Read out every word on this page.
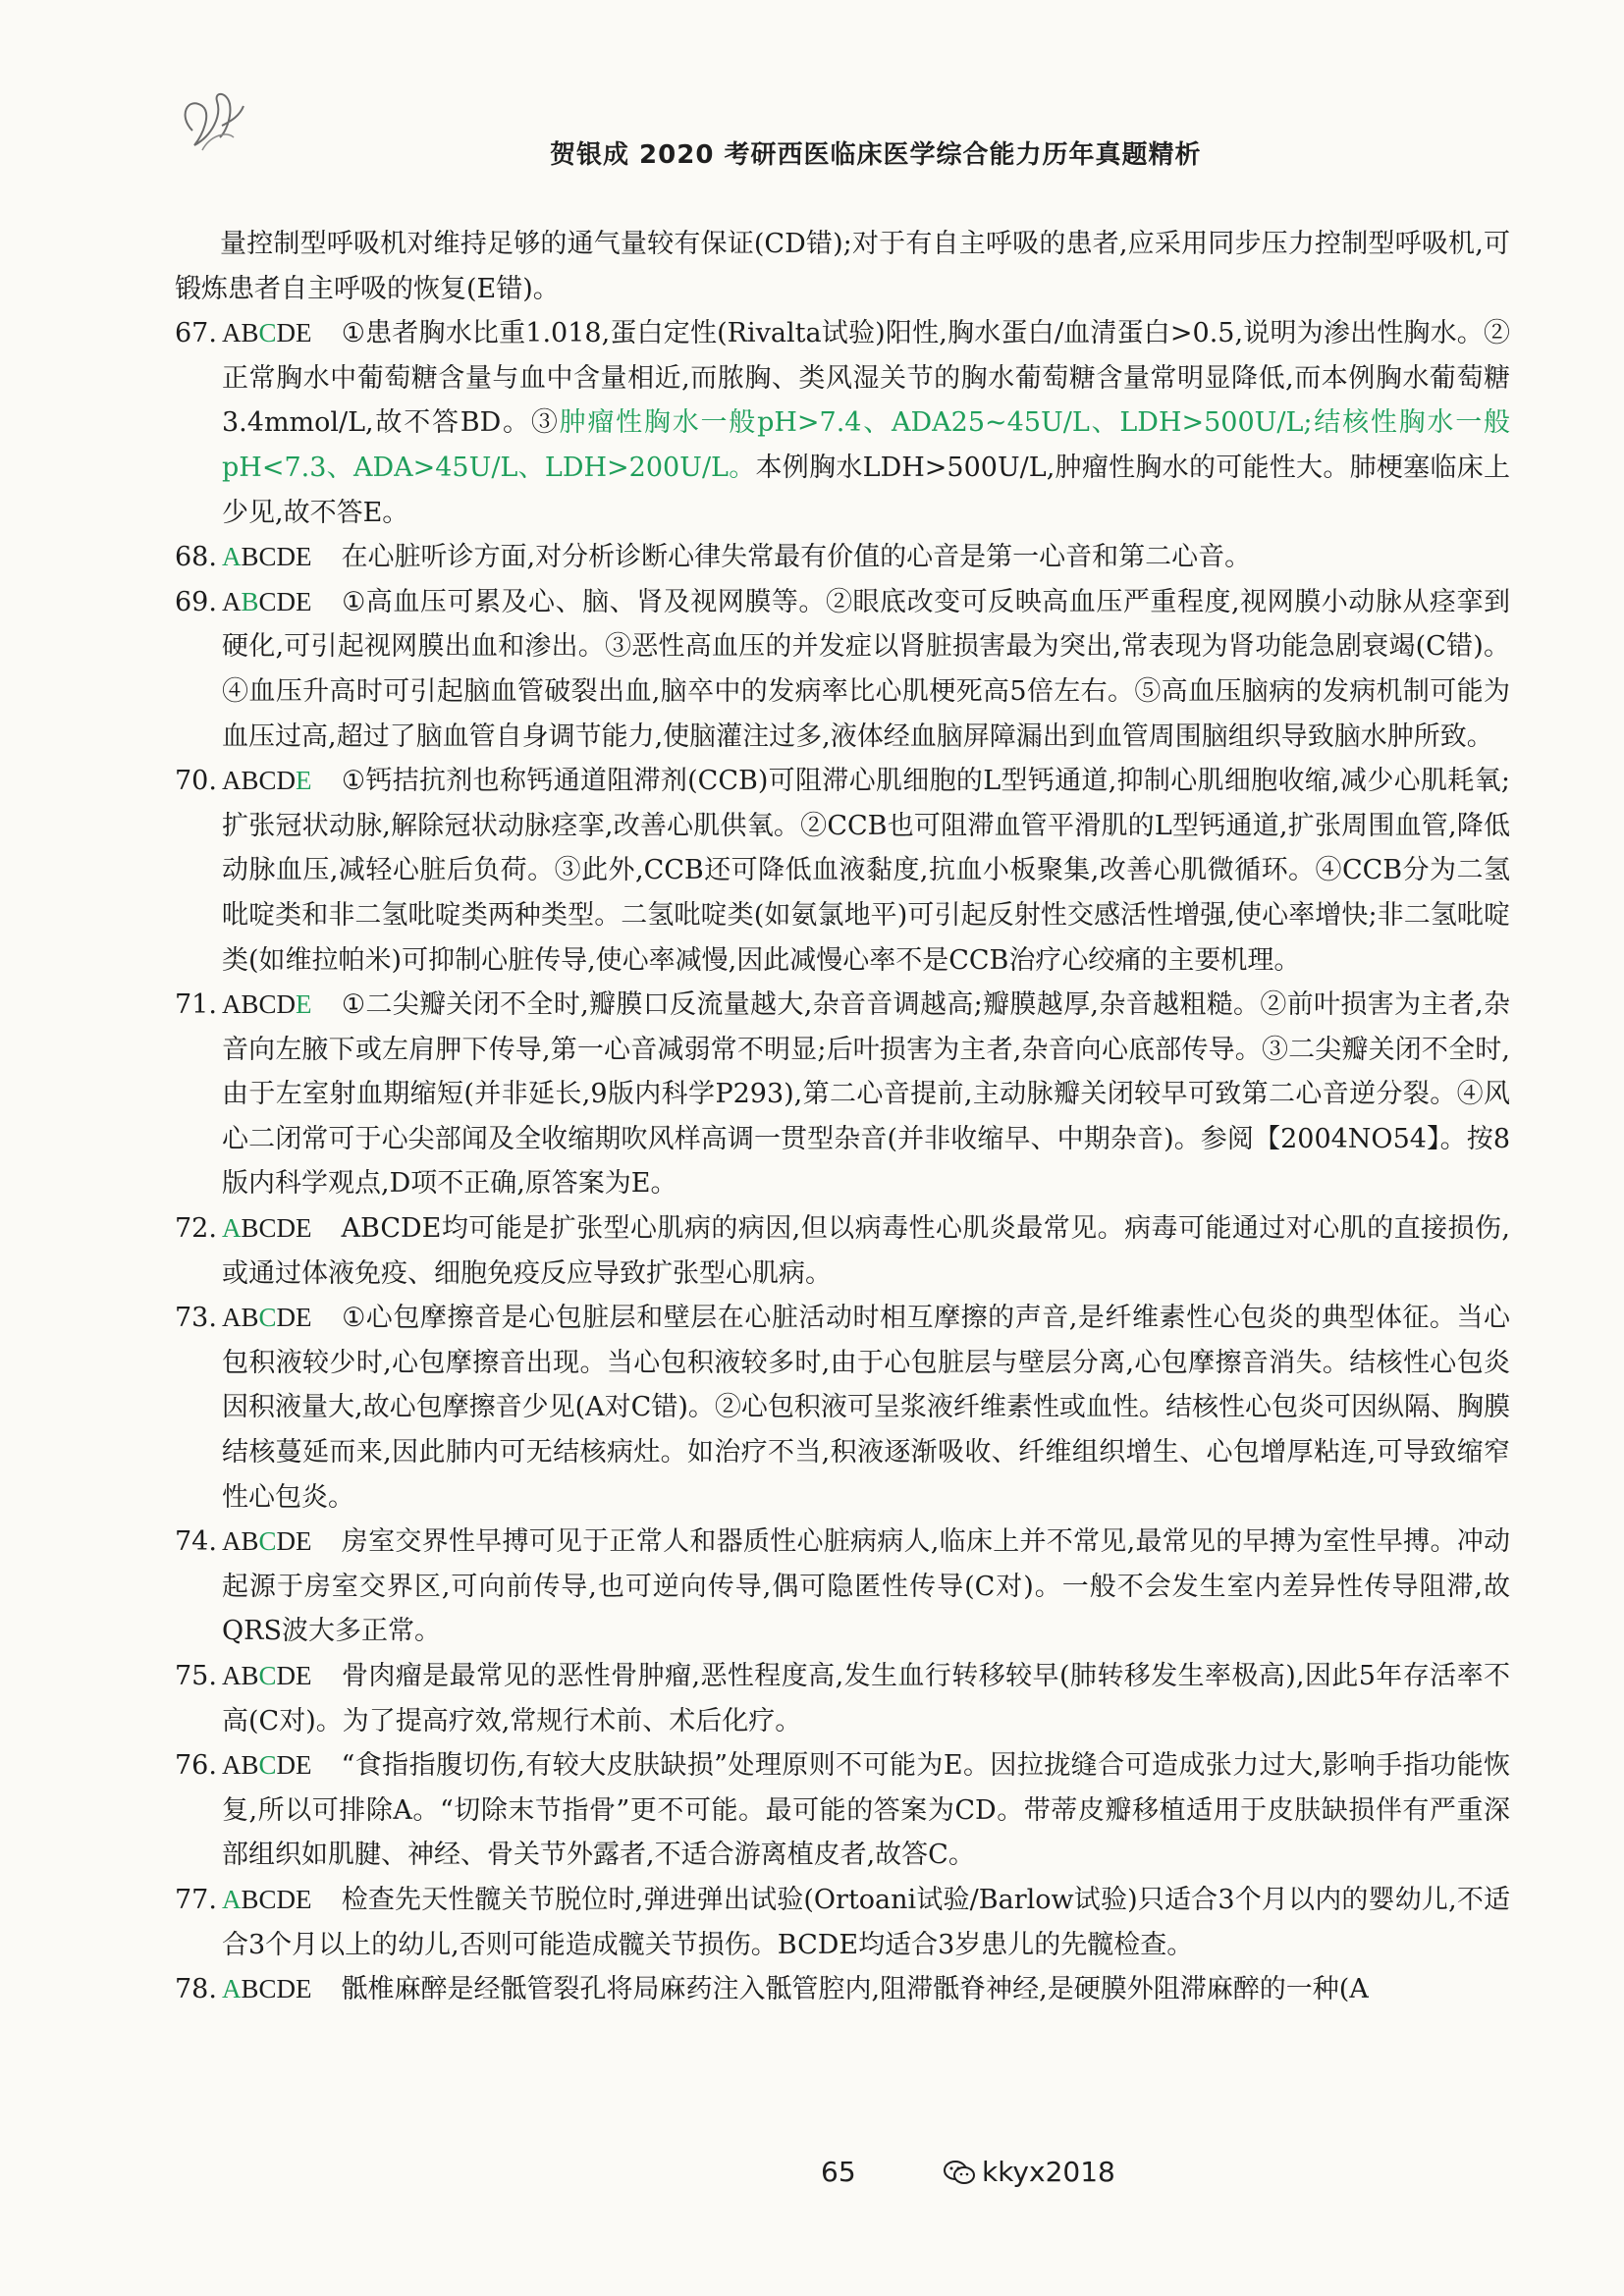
贺银成 2020 考研西医临床医学综合能力历年真题精析

量控制型呼吸机对维持足够的通气量较有保证(CD错);对于有自主呼吸的患者,应采用同步压力控制型呼吸机,可锻炼患者自主呼吸的恢复(E错)。

67. ABCDE ①患者胸水比重1.018,蛋白定性(Rivalta试验)阳性,胸水蛋白/血清蛋白>0.5,说明为渗出性胸水。②正常胸水中葡萄糖含量与血中含量相近,而脓胸、类风湿关节的胸水葡萄糖含量常明显降低,而本例胸水葡萄糖3.4mmol/L,故不答BD。③肿瘤性胸水一般pH>7.4、ADA25~45U/L、LDH>500U/L;结核性胸水一般pH<7.3、ADA>45U/L、LDH>200U/L。本例胸水LDH>500U/L,肿瘤性胸水的可能性大。肺梗塞临床上少见,故不答E。

68. ABCDE 在心脏听诊方面,对分析诊断心律失常最有价值的心音是第一心音和第二心音。

69. ABCDE ①高血压可累及心、脑、肾及视网膜等。②眼底改变可反映高血压严重程度,视网膜小动脉从痉挛到硬化,可引起视网膜出血和渗出。③恶性高血压的并发症以肾脏损害最为突出,常表现为肾功能急剧衰竭(C错)。④血压升高时可引起脑血管破裂出血,脑卒中的发病率比心肌梗死高5倍左右。⑤高血压脑病的发病机制可能为血压过高,超过了脑血管自身调节能力,使脑灌注过多,液体经血脑屏障漏出到血管周围脑组织导致脑水肿所致。

70. ABCDE ①钙拮抗剂也称钙通道阻滞剂(CCB)可阻滞心肌细胞的L型钙通道,抑制心肌细胞收缩,减少心肌耗氧;扩张冠状动脉,解除冠状动脉痉挛,改善心肌供氧。②CCB也可阻滞血管平滑肌的L型钙通道,扩张周围血管,降低动脉血压,减轻心脏后负荷。③此外,CCB还可降低血液黏度,抗血小板聚集,改善心肌微循环。④CCB分为二氢吡啶类和非二氢吡啶类两种类型。二氢吡啶类(如氨氯地平)可引起反射性交感活性增强,使心率增快;非二氢吡啶类(如维拉帕米)可抑制心脏传导,使心率减慢,因此减慢心率不是CCB治疗心绞痛的主要机理。

71. ABCDE ①二尖瓣关闭不全时,瓣膜口反流量越大,杂音音调越高;瓣膜越厚,杂音越粗糙。②前叶损害为主者,杂音向左腋下或左肩胛下传导,第一心音减弱常不明显;后叶损害为主者,杂音向心底部传导。③二尖瓣关闭不全时,由于左室射血期缩短(并非延长,9版内科学P293),第二心音提前,主动脉瓣关闭较早可致第二心音逆分裂。④风心二闭常可于心尖部闻及全收缩期吹风样高调一贯型杂音(并非收缩早、中期杂音)。参阅【2004NO54】。按8版内科学观点,D项不正确,原答案为E。

72. ABCDE ABCDE均可能是扩张型心肌病的病因,但以病毒性心肌炎最常见。病毒可能通过对心肌的直接损伤,或通过体液免疫、细胞免疫反应导致扩张型心肌病。

73. ABCDE ①心包摩擦音是心包脏层和壁层在心脏活动时相互摩擦的声音,是纤维素性心包炎的典型体征。当心包积液较少时,心包摩擦音出现。当心包积液较多时,由于心包脏层与壁层分离,心包摩擦音消失。结核性心包炎因积液量大,故心包摩擦音少见(A对C错)。②心包积液可呈浆液纤维素性或血性。结核性心包炎可因纵隔、胸膜结核蔓延而来,因此肺内可无结核病灶。如治疗不当,积液逐渐吸收、纤维组织增生、心包增厚粘连,可导致缩窄性心包炎。

74. ABCDE 房室交界性早搏可见于正常人和器质性心脏病病人,临床上并不常见,最常见的早搏为室性早搏。冲动起源于房室交界区,可向前传导,也可逆向传导,偶可隐匿性传导(C对)。一般不会发生室内差异性传导阻滞,故QRS波大多正常。

75. ABCDE 骨肉瘤是最常见的恶性骨肿瘤,恶性程度高,发生血行转移较早(肺转移发生率极高),因此5年存活率不高(C对)。为了提高疗效,常规行术前、术后化疗。

76. ABCDE “食指指腹切伤,有较大皮肤缺损”处理原则不可能为E。因拉拢缝合可造成张力过大,影响手指功能恢复,所以可排除A。“切除末节指骨”更不可能。最可能的答案为CD。带蒂皮瓣移植适用于皮肤缺损伴有严重深部组织如肌腱、神经、骨关节外露者,不适合游离植皮者,故答C。

77. ABCDE 检查先天性髋关节脱位时,弹进弹出试验(Ortoani试验/Barlow试验)只适合3个月以内的婴幼儿,不适合3个月以上的幼儿,否则可能造成髋关节损伤。BCDE均适合3岁患儿的先髋检查。

78. ABCDE 骶椎麻醉是经骶管裂孔将局麻药注入骶管腔内,阻滞骶脊神经,是硬膜外阻滞麻醉的一种(A

65	kkyx2018
